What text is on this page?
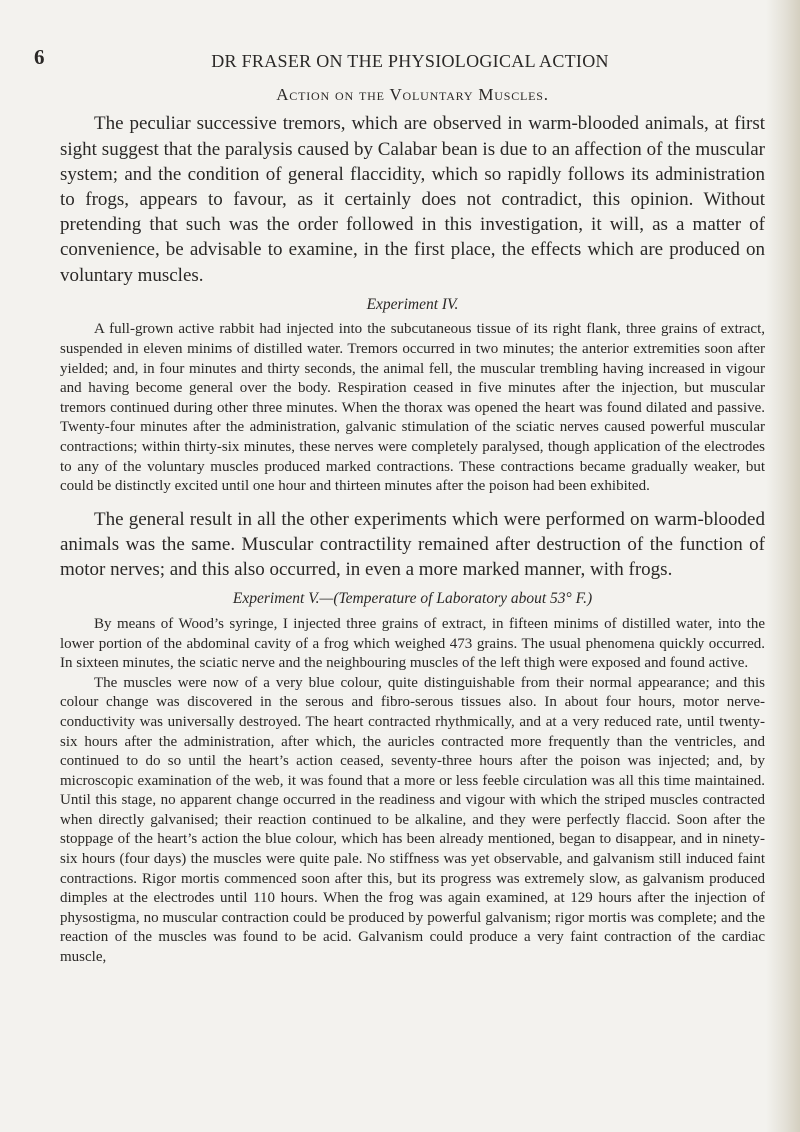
6	DR FRASER ON THE PHYSIOLOGICAL ACTION
Action on the Voluntary Muscles.

The peculiar successive tremors, which are observed in warm-blooded animals, at first sight suggest that the paralysis caused by Calabar bean is due to an affection of the muscular system; and the condition of general flaccidity, which so rapidly follows its administration to frogs, appears to favour, as it certainly does not contradict, this opinion. Without pretending that such was the order followed in this investigation, it will, as a matter of convenience, be advisable to examine, in the first place, the effects which are produced on voluntary muscles.

Experiment IV.

A full-grown active rabbit had injected into the subcutaneous tissue of its right flank, three grains of extract, suspended in eleven minims of distilled water. Tremors occurred in two minutes; the anterior extremities soon after yielded; and, in four minutes and thirty seconds, the animal fell, the muscular trembling having increased in vigour and having become general over the body. Respiration ceased in five minutes after the injection, but muscular tremors continued during other three minutes. When the thorax was opened the heart was found dilated and passive. Twenty-four minutes after the administration, galvanic stimulation of the sciatic nerves caused powerful muscular contractions; within thirty-six minutes, these nerves were completely paralysed, though application of the electrodes to any of the voluntary muscles produced marked contractions. These contractions became gradually weaker, but could be distinctly excited until one hour and thirteen minutes after the poison had been exhibited.

The general result in all the other experiments which were performed on warm-blooded animals was the same. Muscular contractility remained after destruction of the function of motor nerves; and this also occurred, in even a more marked manner, with frogs.

Experiment V.—(Temperature of Laboratory about 53° F.)

By means of Wood’s syringe, I injected three grains of extract, in fifteen minims of distilled water, into the lower portion of the abdominal cavity of a frog which weighed 473 grains. The usual phenomena quickly occurred. In sixteen minutes, the sciatic nerve and the neighbouring muscles of the left thigh were exposed and found active.

The muscles were now of a very blue colour, quite distinguishable from their normal appearance; and this colour change was discovered in the serous and fibro-serous tissues also. In about four hours, motor nerve-conductivity was universally destroyed. The heart contracted rhythmically, and at a very reduced rate, until twenty-six hours after the administration, after which, the auricles contracted more frequently than the ventricles, and continued to do so until the heart’s action ceased, seventy-three hours after the poison was injected; and, by microscopic examination of the web, it was found that a more or less feeble circulation was all this time maintained. Until this stage, no apparent change occurred in the readiness and vigour with which the striped muscles contracted when directly galvanised; their reaction continued to be alkaline, and they were perfectly flaccid. Soon after the stoppage of the heart’s action the blue colour, which has been already mentioned, began to disappear, and in ninety-six hours (four days) the muscles were quite pale. No stiffness was yet observable, and galvanism still induced faint contractions. Rigor mortis commenced soon after this, but its progress was extremely slow, as galvanism produced dimples at the electrodes until 110 hours. When the frog was again examined, at 129 hours after the injection of physostigma, no muscular contraction could be produced by powerful galvanism; rigor mortis was complete; and the reaction of the muscles was found to be acid. Galvanism could produce a very faint contraction of the cardiac muscle,
